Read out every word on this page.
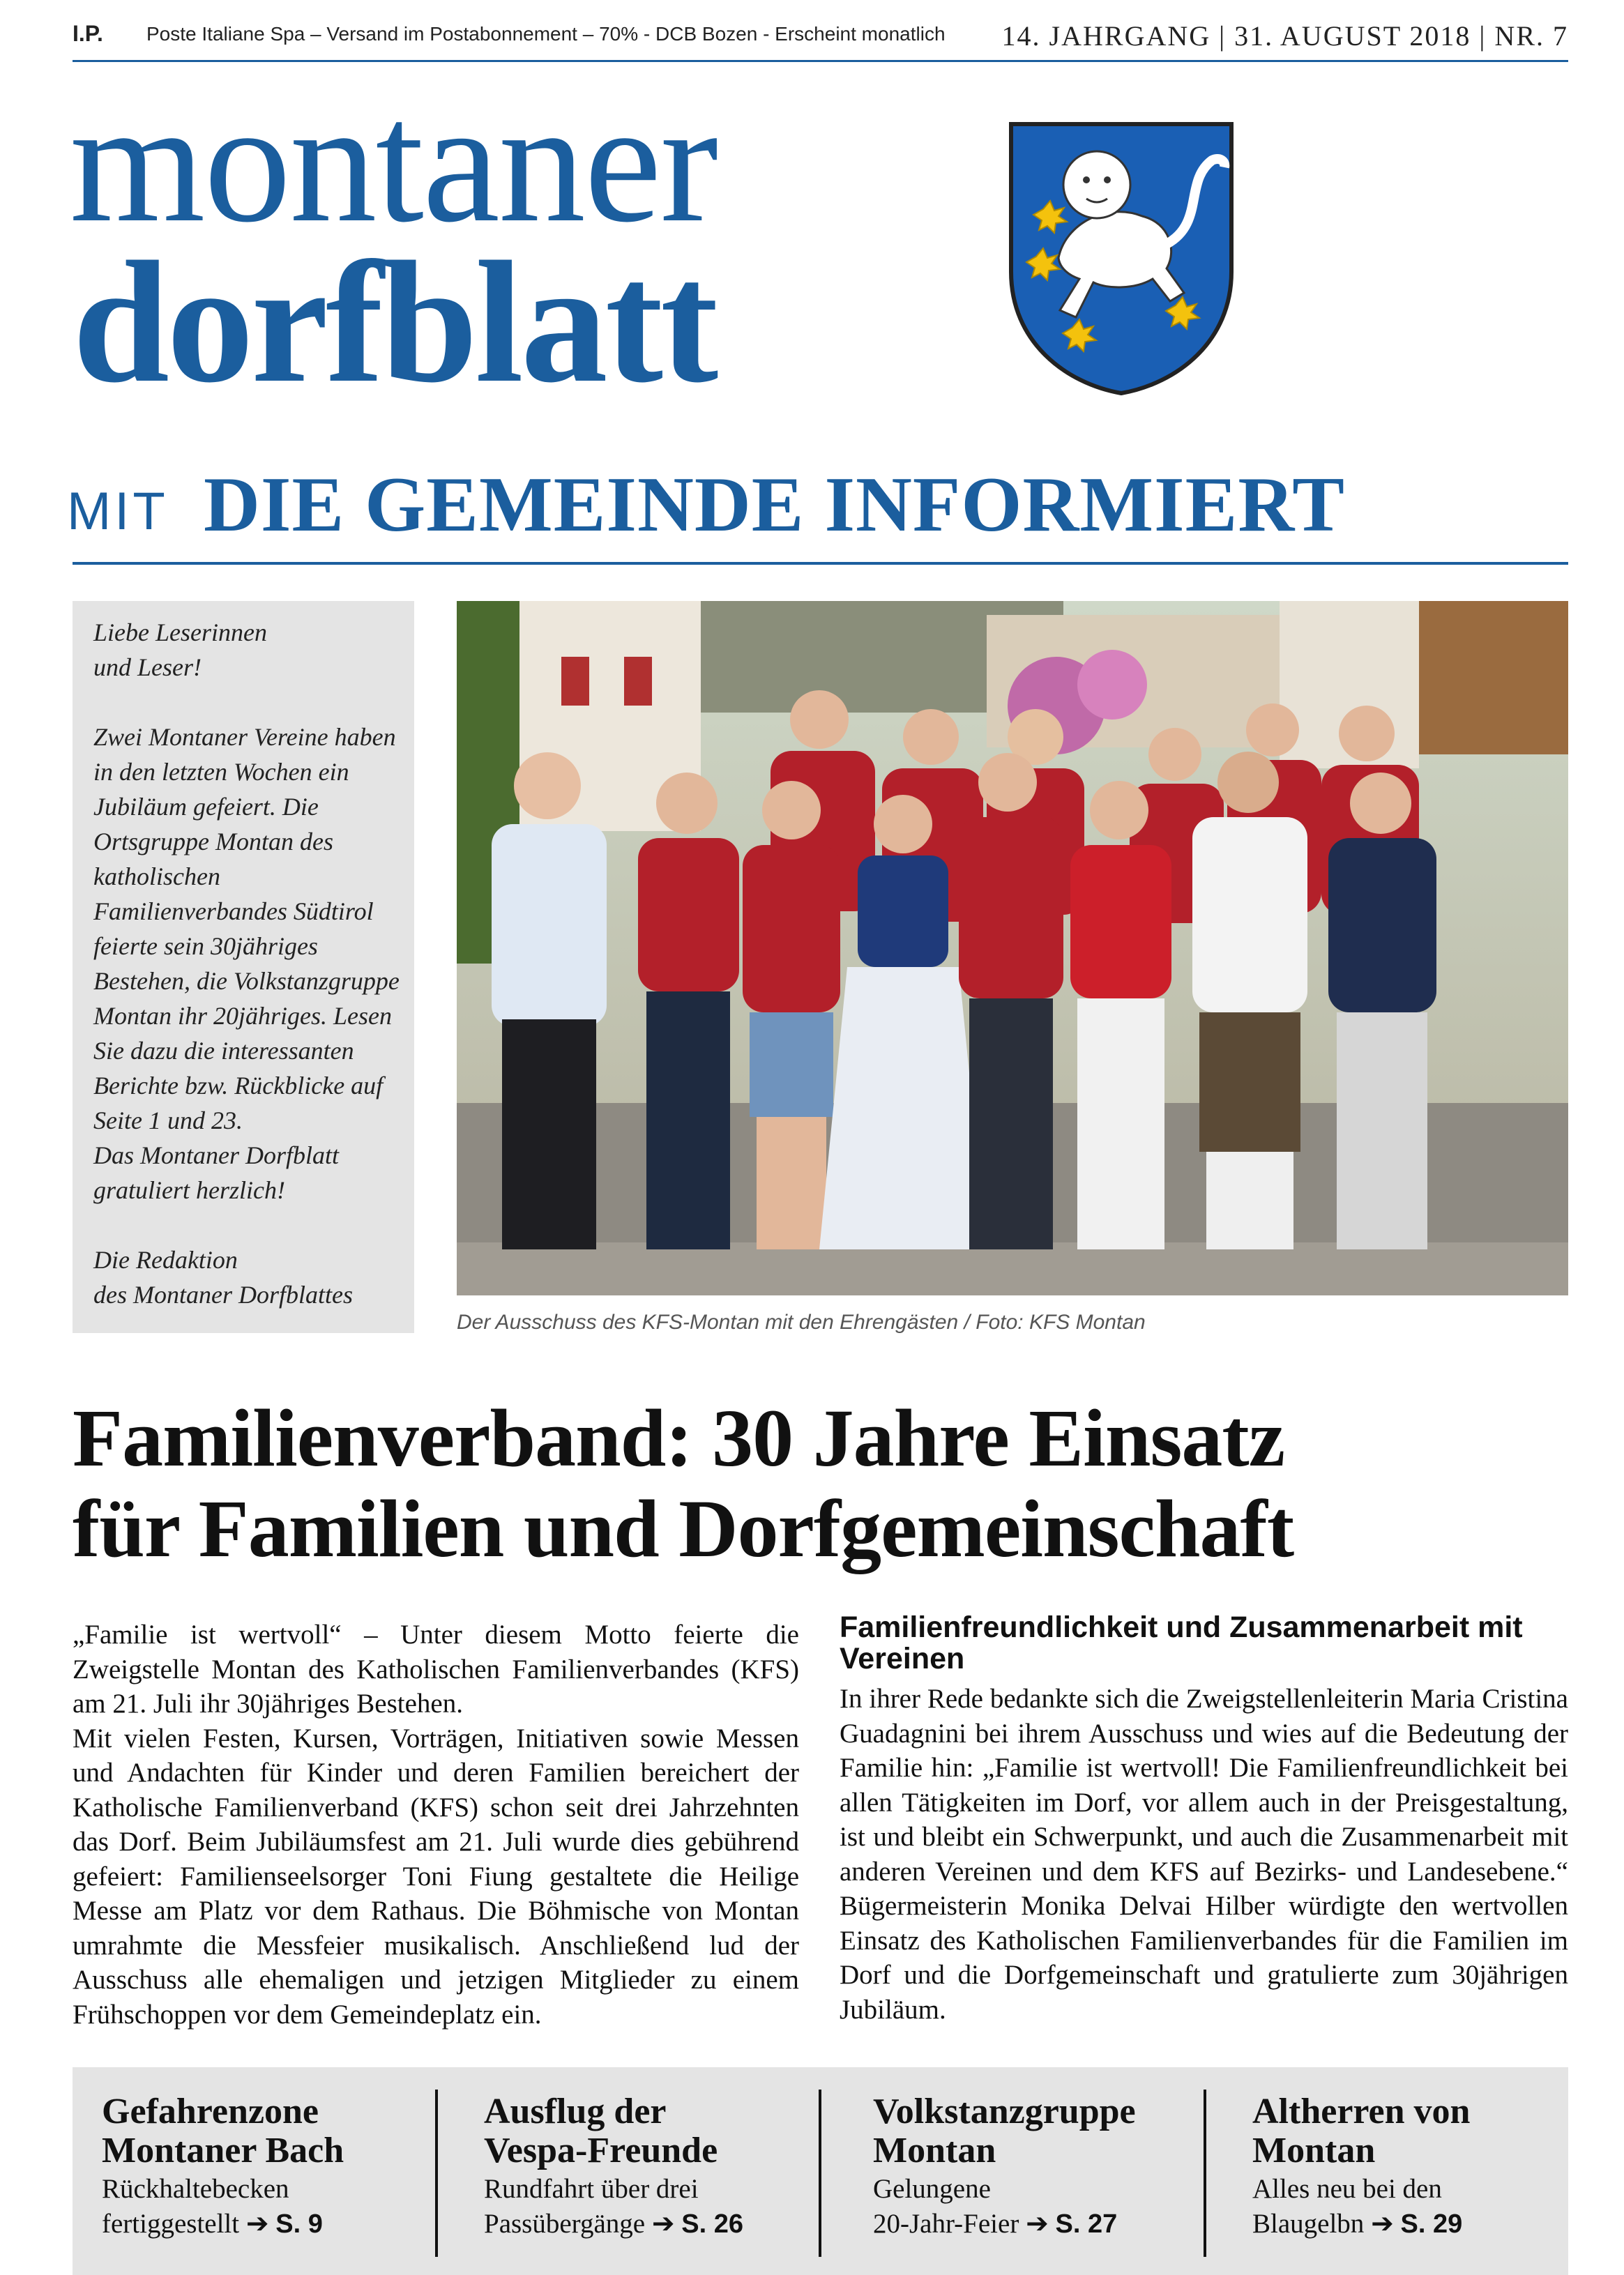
I.P. Poste Italiane Spa – Versand im Postabonnement – 70% - DCB Bozen - Erscheint monatlich 14. JAHRGANG | 31. AUGUST 2018 | NR. 7
montaner
dorfblatt
MIT DIE GEMEINDE INFORMIERT

Liebe Leserinnen
und Leser!

Zwei Montaner Vereine haben in den letzten Wochen ein Jubiläum gefeiert. Die Ortsgruppe Montan des katholischen Familienverbandes Südtirol feierte sein 30jähriges Bestehen, die Volkstanzgruppe Montan ihr 20jähriges. Lesen Sie dazu die interessanten Berichte bzw. Rückblicke auf Seite 1 und 23.
Das Montaner Dorfblatt gratuliert herzlich!

Die Redaktion
des Montaner Dorfblattes

Der Ausschuss des KFS-Montan mit den Ehrengästen / Foto: KFS Montan
Familienverband: 30 Jahre Einsatz
für Familien und Dorfgemeinschaft

„Familie ist wertvoll“ – Unter diesem Motto feierte die Zweigstelle Montan des Katholischen Familienverbandes (KFS) am 21. Juli ihr 30jähriges Bestehen.

Mit vielen Festen, Kursen, Vorträgen, Initiativen sowie Messen und Andachten für Kinder und deren Familien bereichert der Katholische Familienverband (KFS) schon seit drei Jahrzehnten das Dorf. Beim Jubiläumsfest am 21. Juli wurde dies gebührend gefeiert: Familienseelsorger Toni Fiung gestaltete die Heilige Messe am Platz vor dem Rathaus. Die Böhmische von Montan umrahmte die Messfeier musikalisch. Anschließend lud der Ausschuss alle ehemaligen und jetzigen Mitglieder zu einem Frühschoppen vor dem Gemeindeplatz ein.

Familienfreundlichkeit und Zusammenarbeit mit Vereinen
In ihrer Rede bedankte sich die Zweigstellenleiterin Maria Cristina Guadagnini bei ihrem Ausschuss und wies auf die Bedeutung der Familie hin: „Familie ist wertvoll! Die Familienfreundlichkeit bei allen Tätigkeiten im Dorf, vor allem auch in der Preisgestaltung, ist und bleibt ein Schwerpunkt, und auch die Zusammenarbeit mit anderen Vereinen und dem KFS auf Bezirks- und Landesebene.“ Bügermeisterin Monika Delvai Hilber würdigte den wertvollen Einsatz des Katholischen Familienverbandes für die Familien im Dorf und die Dorfgemeinschaft und gratulierte zum 30jährigen Jubiläum.
Gefahrenzone
Montaner Bach
Rückhaltebecken
fertiggestellt ➔ S. 9
Ausflug der
Vespa-Freunde
Rundfahrt über drei
Passübergänge ➔ S. 26
Volkstanzgruppe
Montan
Gelungene
20-Jahr-Feier ➔ S. 27
Altherren von
Montan
Alles neu bei den
Blaugelbn ➔ S. 29
